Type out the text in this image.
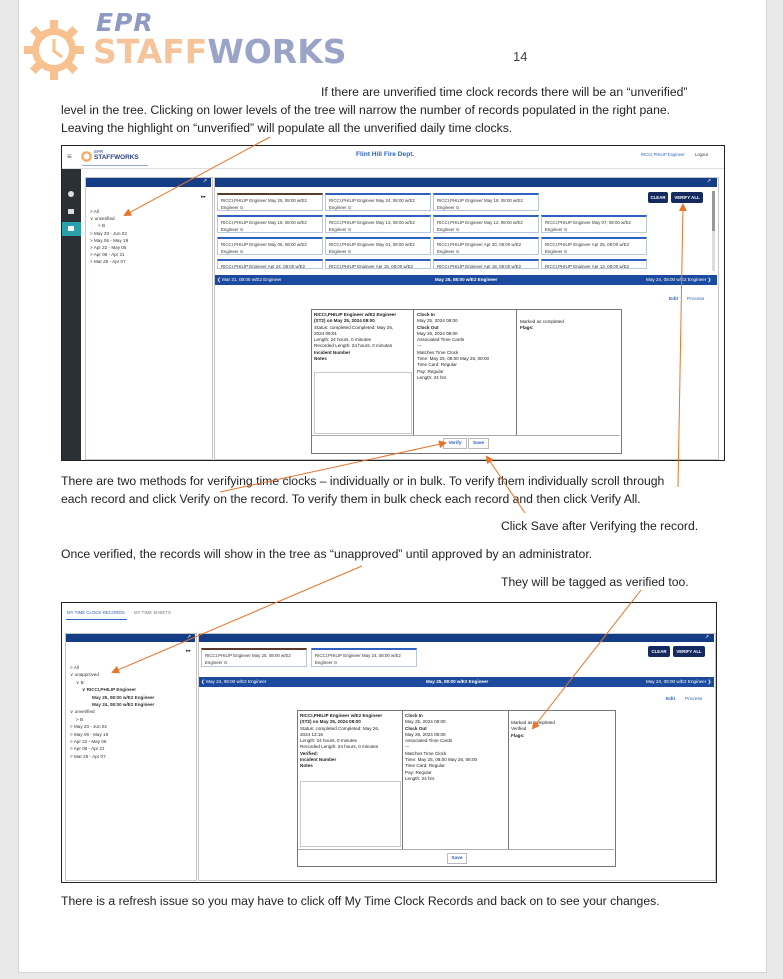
EPR
STAFFWORKS	14
If there are unverified time clock records there will be an “unverified”
level in the tree. Clicking on lower levels of the tree will narrow the number of records populated in the right pane.
Leaving the highlight on “unverified” will populate all the unverified daily time clocks.
≡
EPR
STAFFWORKS	Flint Hill Fire Dept.	RICCI,PHILIP Engineer Logout
➚
▸▸
> All
∨ unverified
> B
> May 20 - Jun 02
> May 06 - May 19
> Apr 22 - May 05
> Apr 08 - Apr 21
> Mar 25 - Apr 07
➚
RICCI,PHILIP Engineer May 25, 08:00 w/E2
Engineer ⊙
RICCI,PHILIP Engineer May 24, 08:00 w/E2
Engineer ⊙
RICCI,PHILIP Engineer May 19, 08:00 w/E2
Engineer ⊙
CLEAR	VERIFY ALL
RICCI,PHILIP Engineer May 18, 08:00 w/E2
Engineer ⊙
RICCI,PHILIP Engineer May 13, 08:00 w/E2
Engineer ⊙
RICCI,PHILIP Engineer May 12, 08:00 w/E2
Engineer ⊙
RICCI,PHILIP Engineer May 07, 08:00 w/E2
Engineer ⊙
RICCI,PHILIP Engineer May 06, 08:00 w/E2
Engineer ⊙
RICCI,PHILIP Engineer May 01, 08:00 w/E2
Engineer ⊙
RICCI,PHILIP Engineer Apr 30, 08:00 w/E2
Engineer ⊙
RICCI,PHILIP Engineer Apr 25, 08:00 w/E2
Engineer ⊙
RICCI,PHILIP Engineer Apr 24, 08:00 w/E2	RICCI,PHILIP Engineer Apr 19, 08:00 w/E2	RICCI,PHILIP Engineer Apr 18, 08:00 w/E2	RICCI,PHILIP Engineer Apr 13, 08:00 w/E2
❮ Mar 21, 08:00 w/E2 Engineer	May 25, 08:00 w/E2 Engineer	May 24, 08:00 w/E2 Engineer ❯
Edit Process
RICCI,PHILIP Engineer w/E2 Engineer
(ST2) on May 25, 2024 08:00
Status: completed Completed: May 26,
2024 09:01
Length: 24 hours, 0 minutes
Recorded Length: 24 hours, 0 minutes
Incident Number
Notes
Clock In
May 25, 2024 08:00
Clock Out
May 26, 2024 08:00
Associated Time Cards
---
Matches Time Clock
Time: May 25, 08:00 May 26, 08:00
Time Card: Regular
Pay: Regular
Length: 24 hrs
Marked as completed
Flags:
Verify	Save
There are two methods for verifying time clocks – individually or in bulk. To verify them individually scroll through
each record and click Verify on the record. To verify them in bulk check each record and then click Verify All.
Click Save after Verifying the record.
Once verified, the records will show in the tree as “unapproved” until approved by an administrator.
They will be tagged as verified too.
MY TIME CLOCK RECORDS MY TIME SHEETS
➚
▸▸
> All
∨ unapproved
∨ B
∨ RICCI,PHILIP Engineer
May 25, 08:00 w/E2 Engineer
May 24, 08:00 w/E2 Engineer
∨ unverified
> B
> May 20 - Jun 02
> May 06 - May 19
> Apr 22 - May 05
> Apr 08 - Apr 21
> Mar 25 - Apr 07
➚
RICCI,PHILIP Engineer May 25, 08:00 w/E2
Engineer ⊙
RICCI,PHILIP Engineer May 24, 08:00 w/E2
Engineer ⊙
CLEAR	VERIFY ALL
❮ May 24, 08:00 w/E2 Engineer	May 25, 08:00 w/E2 Engineer	May 24, 08:00 w/E2 Engineer ❯
Edit Process
RICCI,PHILIP Engineer w/E2 Engineer
(ST2) on May 25, 2024 08:00
Status: completed Completed: May 26,
2024 13:16
Length: 24 hours, 0 minutes
Recorded Length: 24 hours, 0 minutes
Verified:
Incident Number
Notes
Clock In
May 25, 2024 08:00
Clock Out
May 26, 2024 08:00
Associated Time Cards
---
Matches Time Clock
Time: May 25, 08:00 May 26, 08:00
Time Card: Regular
Pay: Regular
Length: 24 hrs
Marked as completed
Verified
Flags:
Save
There is a refresh issue so you may have to click off My Time Clock Records and back on to see your changes.
